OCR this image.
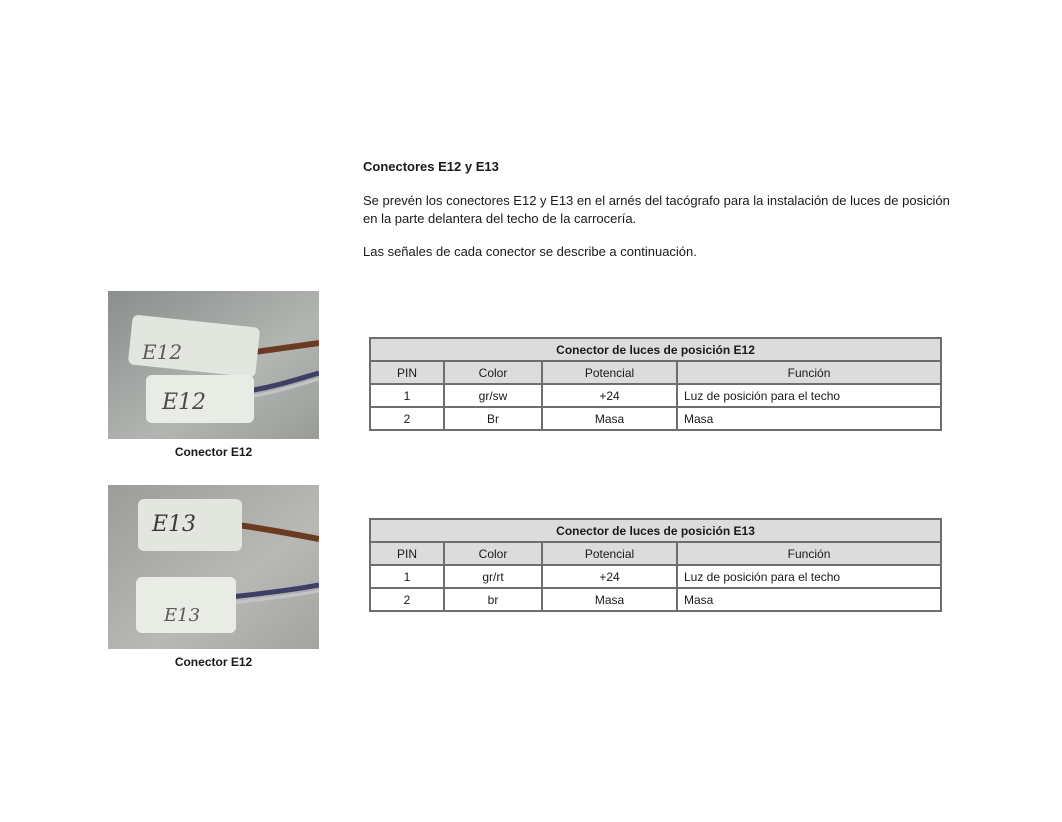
Conectores E12 y E13
Se prevén los conectores E12 y E13 en el arnés del tacógrafo para la instalación de luces de posición en la parte delantera del techo de la carrocería.
Las señales de cada conector se describe a continuación.
E12
E12
Conector E12
E13
E13
Conector E12
Conector de luces de posición E12			
PIN	Color	Potencial	Función
1	gr/sw	+24	Luz de posición para el techo
2	Br	Masa	Masa
Conector de luces de posición E13			
PIN	Color	Potencial	Función
1	gr/rt	+24	Luz de posición para el techo
2	br	Masa	Masa
